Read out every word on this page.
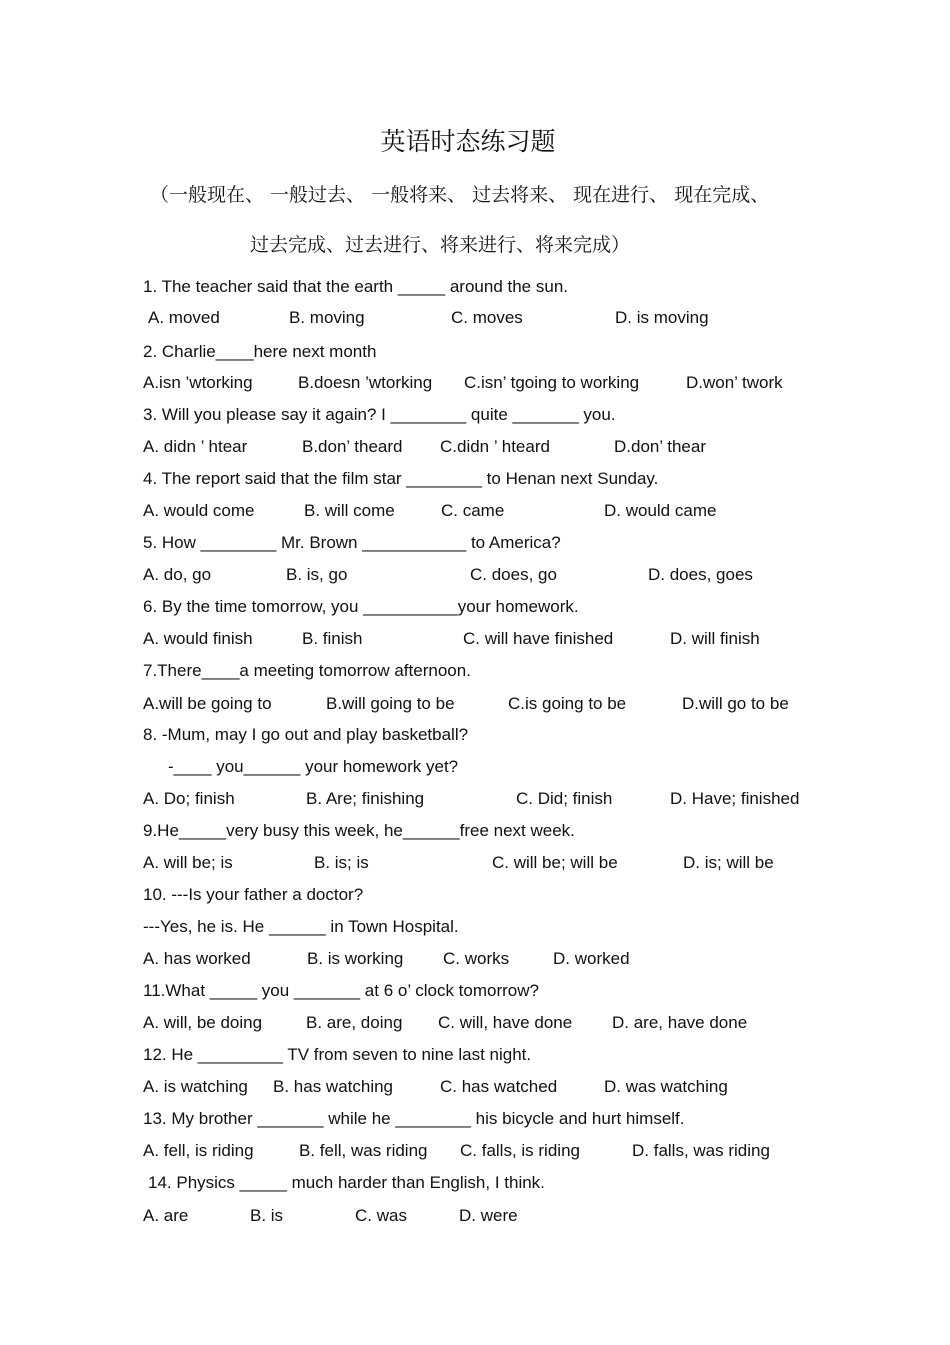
英语时态练习题
（一般现在、 一般过去、 一般将来、 过去将来、 现在进行、 现在完成、
过去完成、过去进行、将来进行、将来完成）
1. The teacher said that the earth _____ around the sun.
A. moved	B. moving	C. moves	D. is moving
2. Charlie____here next month
A.isn ’wtorking	B.doesn ’wtorking C.isn’ tgoing to working	D.won’ twork
3. Will you please say it again? I ________ quite _______ you.
A. didn ’ htear	B.don’ theard C.didn ’ hteard	D.don’ thear
4. The report said that the film star ________ to Henan next Sunday.
A. would come	B. will come	C. came	D. would came
5. How ________ Mr. Brown ___________ to America?
A. do, go	B. is, go	C. does, go	D. does, goes
6. By the time tomorrow, you __________your homework.
A. would finish	B. finish	C. will have finished	D. will finish
7.There____a meeting tomorrow afternoon.
A.will be going to	B.will going to be	C.is going to be	D.will go to be
8. -Mum, may I go out and play basketball?
-____ you______ your homework yet?
A. Do; finish	B. Are; finishing	C. Did; finish	D. Have; finished
9.He_____very busy this week, he______free next week.
A. will be; is	B. is; is	C. will be; will be	D. is; will be
10. ---Is your father a doctor?
---Yes, he is. He ______ in Town Hospital.
A. has worked	B. is working C. works	D. worked
11.What _____ you _______ at 6 o’ clock tomorrow?
A. will, be doing	B. are, doing C. will, have done D. are, have done
12. He _________ TV from seven to nine last night.
A. is watching B. has watching	C. has watched	D. was watching
13. My brother _______ while he ________ his bicycle and hurt himself.
A. fell, is riding	B. fell, was riding C. falls, is riding	D. falls, was riding
14. Physics _____ much harder than English, I think.
A. are	B. is	C. was	D. were
